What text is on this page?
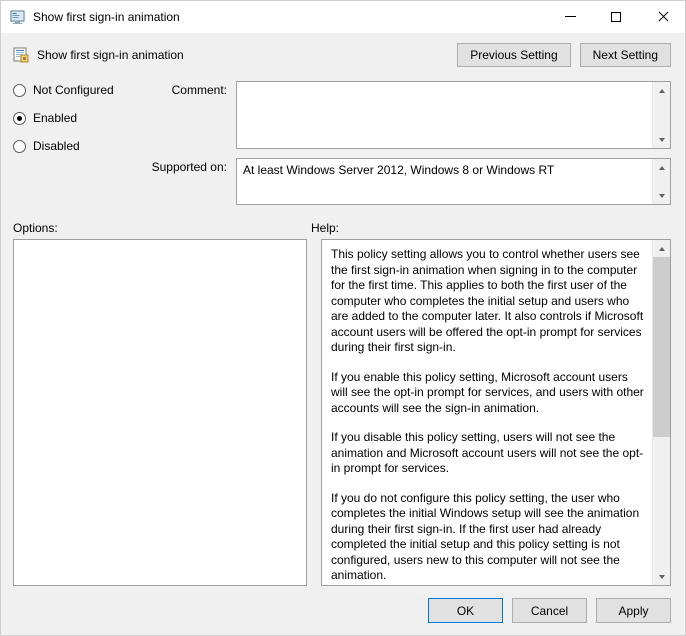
Show first sign-in animation
Show first sign-in animation	Previous Setting	Next Setting
Not Configured
Enabled
Disabled
Comment:
Supported on:	At least Windows Server 2012, Windows 8 or Windows RT
Options:	Help:

This policy setting allows you to control whether users see the first sign-in animation when signing in to the computer for the first time. This applies to both the first user of the computer who completes the initial setup and users who are added to the computer later. It also controls if Microsoft account users will be offered the opt-in prompt for services during their first sign-in.

If you enable this policy setting, Microsoft account users will see the opt-in prompt for services, and users with other accounts will see the sign-in animation.

If you disable this policy setting, users will not see the animation and Microsoft account users will not see the opt-in prompt for services.

If you do not configure this policy setting, the user who completes the initial Windows setup will see the animation during their first sign-in. If the first user had already completed the initial setup and this policy setting is not configured, users new to this computer will not see the animation.

OK	Cancel	Apply
